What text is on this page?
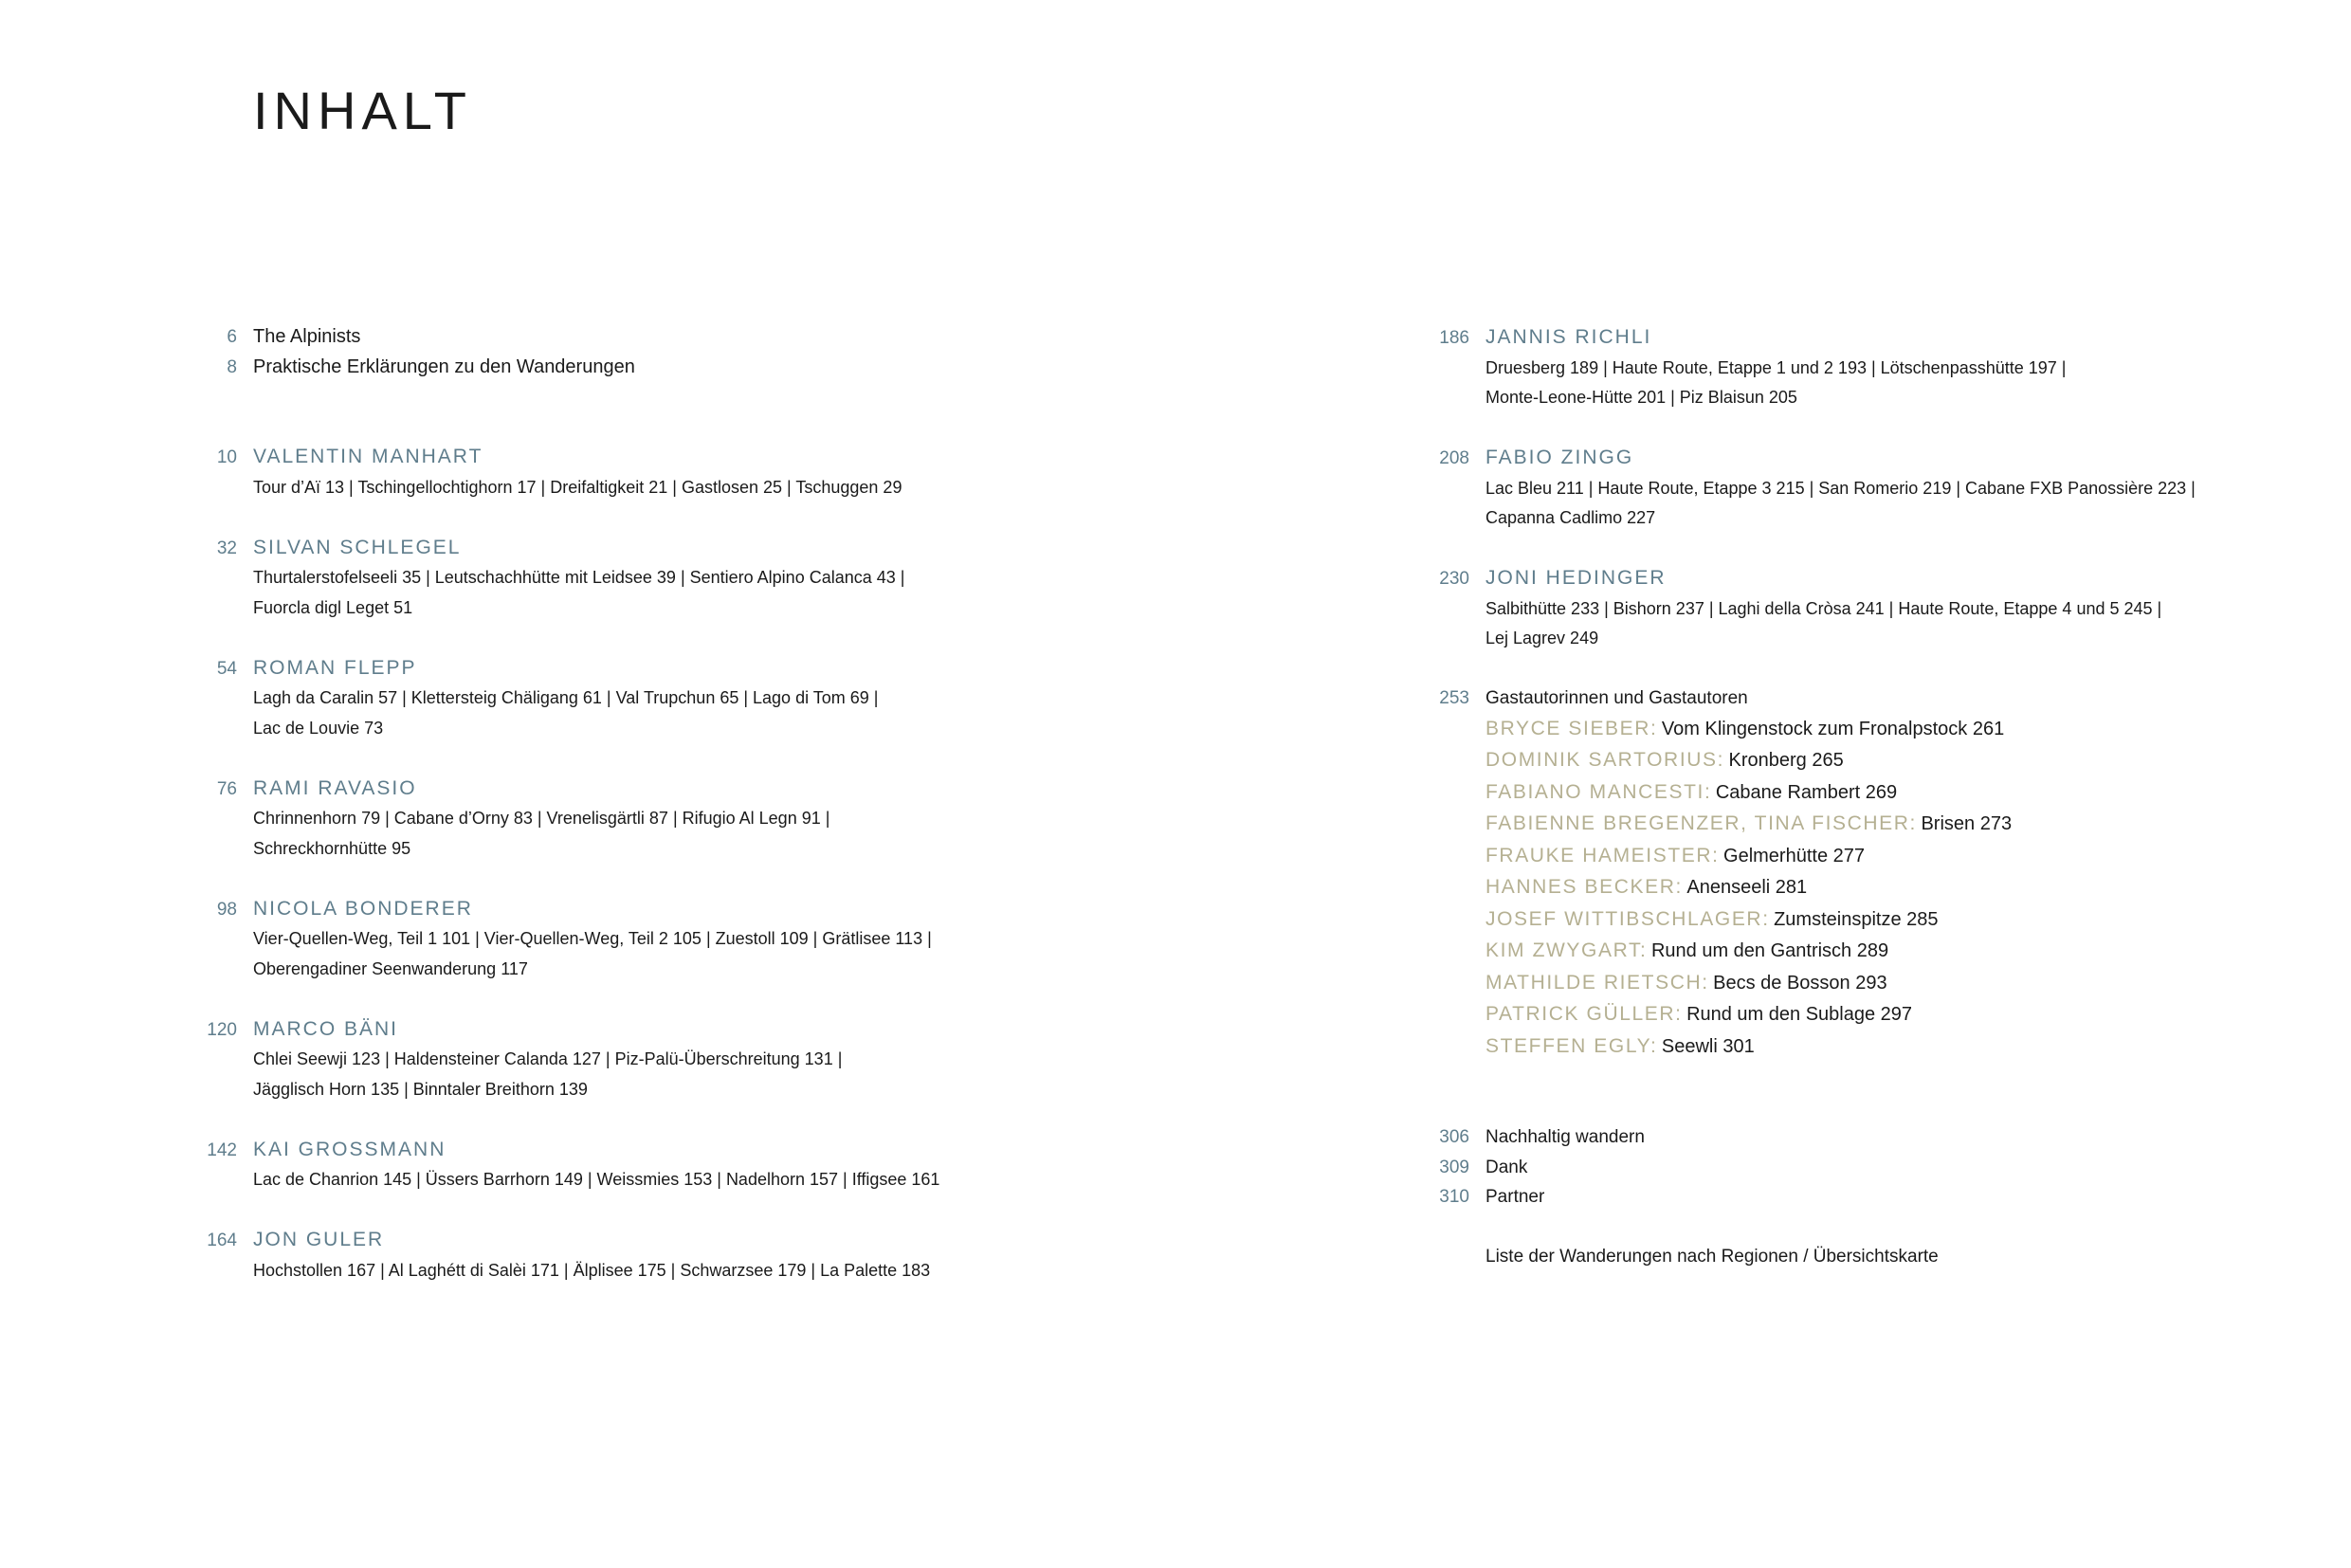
INHALT
6 The Alpinists
8 Praktische Erklärungen zu den Wanderungen
10 VALENTIN MANHART
Tour d’Aï 13 | Tschingellochtighorn 17 | Dreifaltigkeit 21 | Gastlosen 25 | Tschuggen 29
32 SILVAN SCHLEGEL
Thurtalerstofelseeli 35 | Leutschachhütte mit Leidsee 39 | Sentiero Alpino Calanca 43 |
Fuorcla digl Leget 51
54 ROMAN FLEPP
Lagh da Caralin 57 | Klettersteig Chäligang 61 | Val Trupchun 65 | Lago di Tom 69 |
Lac de Louvie 73
76 RAMI RAVASIO
Chrinnenhorn 79 | Cabane d’Orny 83 | Vrenelisgärtli 87 | Rifugio Al Legn 91 |
Schreckhornhütte 95
98 NICOLA BONDERER
Vier-Quellen-Weg, Teil 1 101 | Vier-Quellen-Weg, Teil 2 105 | Zuestoll 109 | Grätlisee 113 |
Oberengadiner Seenwanderung 117
120 MARCO BÄNI
Chlei Seewji 123 | Haldensteiner Calanda 127 | Piz-Palü-Überschreitung 131 |
Jägglisch Horn 135 | Binntaler Breithorn 139
142 KAI GROSSMANN
Lac de Chanrion 145 | Üssers Barrhorn 149 | Weissmies 153 | Nadelhorn 157 | Iffigsee 161
164 JON GULER
Hochstollen 167 | Al Laghétt di Salèi 171 | Älplisee 175 | Schwarzsee 179 | La Palette 183
186 JANNIS RICHLI
Druesberg 189 | Haute Route, Etappe 1 und 2 193 | Lötschenpasshütte 197 |
Monte-Leone-Hütte 201 | Piz Blaisun 205
208 FABIO ZINGG
Lac Bleu 211 | Haute Route, Etappe 3 215 | San Romerio 219 | Cabane FXB Panossière 223 |
Capanna Cadlimo 227
230 JONI HEDINGER
Salbithütte 233 | Bishorn 237 | Laghi della Cròsa 241 | Haute Route, Etappe 4 und 5 245 |
Lej Lagrev 249
253 Gastautorinnen und Gastautoren
BRYCE SIEBER: Vom Klingenstock zum Fronalpstock 261
DOMINIK SARTORIUS: Kronberg 265
FABIANO MANCESTI: Cabane Rambert 269
FABIENNE BREGENZER, TINA FISCHER: Brisen 273
FRAUKE HAMEISTER: Gelmerhütte 277
HANNES BECKER: Anenseeli 281
JOSEF WITTIBSCHLAGER: Zumsteinspitze 285
KIM ZWYGART: Rund um den Gantrisch 289
MATHILDE RIETSCH: Becs de Bosson 293
PATRICK GÜLLER: Rund um den Sublage 297
STEFFEN EGLY: Seewli 301
306 Nachhaltig wandern
309 Dank
310 Partner
Liste der Wanderungen nach Regionen / Übersichtskarte
